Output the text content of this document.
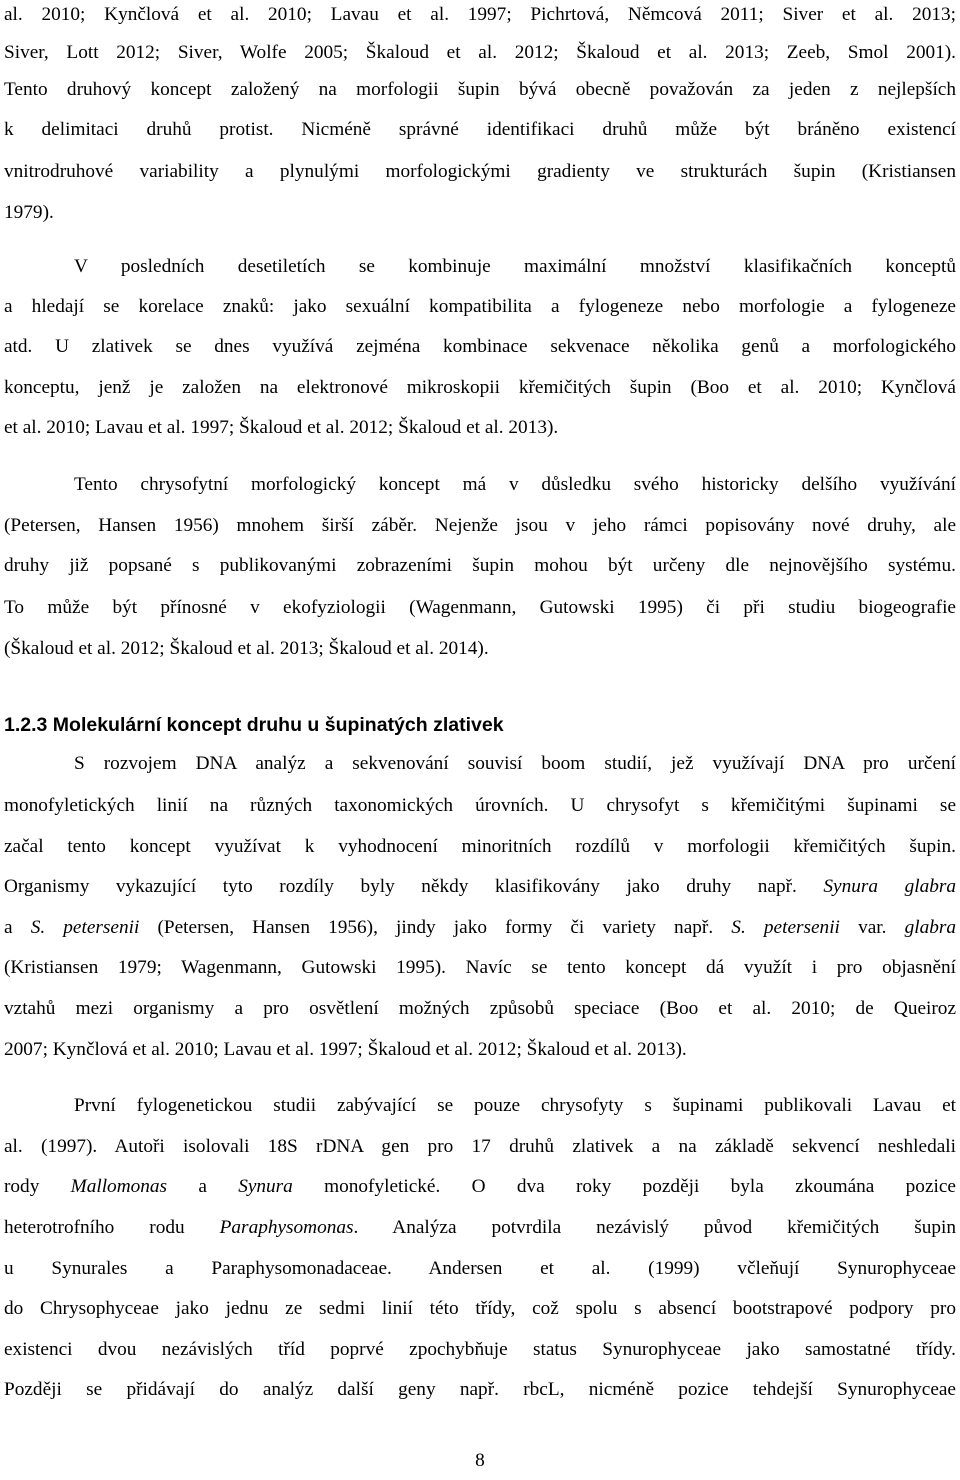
al. 2010; Kynčlová et al. 2010; Lavau et al. 1997; Pichrtová, Němcová 2011; Siver et al. 2013;
Siver, Lott 2012; Siver, Wolfe 2005; Škaloud et al. 2012; Škaloud et al. 2013; Zeeb, Smol 2001).
Tento druhový koncept založený na morfologii šupin bývá obecně považován za jeden z nejlepších
k delimitaci druhů protist. Nicméně správné identifikaci druhů může být bráněno existencí
vnitrodruhové variability a plynulými morfologickými gradienty ve strukturách šupin (Kristiansen
1979).
V posledních desetiletích se kombinuje maximální množství klasifikačních konceptů
a hledají se korelace znaků: jako sexuální kompatibilita a fylogeneze nebo morfologie a fylogeneze
atd. U zlativek se dnes využívá zejména kombinace sekvenace několika genů a morfologického
konceptu, jenž je založen na elektronové mikroskopii křemičitých šupin (Boo et al. 2010; Kynčlová
et al. 2010; Lavau et al. 1997; Škaloud et al. 2012; Škaloud et al. 2013).
Tento chrysofytní morfologický koncept má v důsledku svého historicky delšího využívání
(Petersen, Hansen 1956) mnohem širší záběr. Nejenže jsou v jeho rámci popisovány nové druhy, ale
druhy již popsané s publikovanými zobrazeními šupin mohou být určeny dle nejnovějšího systému.
To může být přínosné v ekofyziologii (Wagenmann, Gutowski 1995) či při studiu biogeografie
(Škaloud et al. 2012; Škaloud et al. 2013; Škaloud et al. 2014).
1.2.3 Molekulární koncept druhu u šupinatých zlativek
S rozvojem DNA analýz a sekvenování souvisí boom studií, jež využívají DNA pro určení
monofyletických linií na různých taxonomických úrovních. U chrysofyt s křemičitými šupinami se
začal tento koncept využívat k vyhodnocení minoritních rozdílů v morfologii křemičitých šupin.
Organismy vykazující tyto rozdíly byly někdy klasifikovány jako druhy např. Synura glabra
a S. petersenii (Petersen, Hansen 1956), jindy jako formy či variety např. S. petersenii var. glabra
(Kristiansen 1979; Wagenmann, Gutowski 1995). Navíc se tento koncept dá využít i pro objasnění
vztahů mezi organismy a pro osvětlení možných způsobů speciace (Boo et al. 2010; de Queiroz
2007; Kynčlová et al. 2010; Lavau et al. 1997; Škaloud et al. 2012; Škaloud et al. 2013).
První fylogenetickou studii zabývající se pouze chrysofyty s šupinami publikovali Lavau et
al. (1997). Autoři isolovali 18S rDNA gen pro 17 druhů zlativek a na základě sekvencí neshledali
rody Mallomonas a Synura monofyletické. O dva roky později byla zkoumána pozice
heterotrofního rodu Paraphysomonas. Analýza potvrdila nezávislý původ křemičitých šupin
u Synurales a Paraphysomonadaceae. Andersen et al. (1999) včleňují Synurophyceae
do Chrysophyceae jako jednu ze sedmi linií této třídy, což spolu s absencí bootstrapové podpory pro
existenci dvou nezávislých tříd poprvé zpochybňuje status Synurophyceae jako samostatné třídy.
Později se přidávají do analýz další geny např. rbcL, nicméně pozice tehdejší Synurophyceae
8
